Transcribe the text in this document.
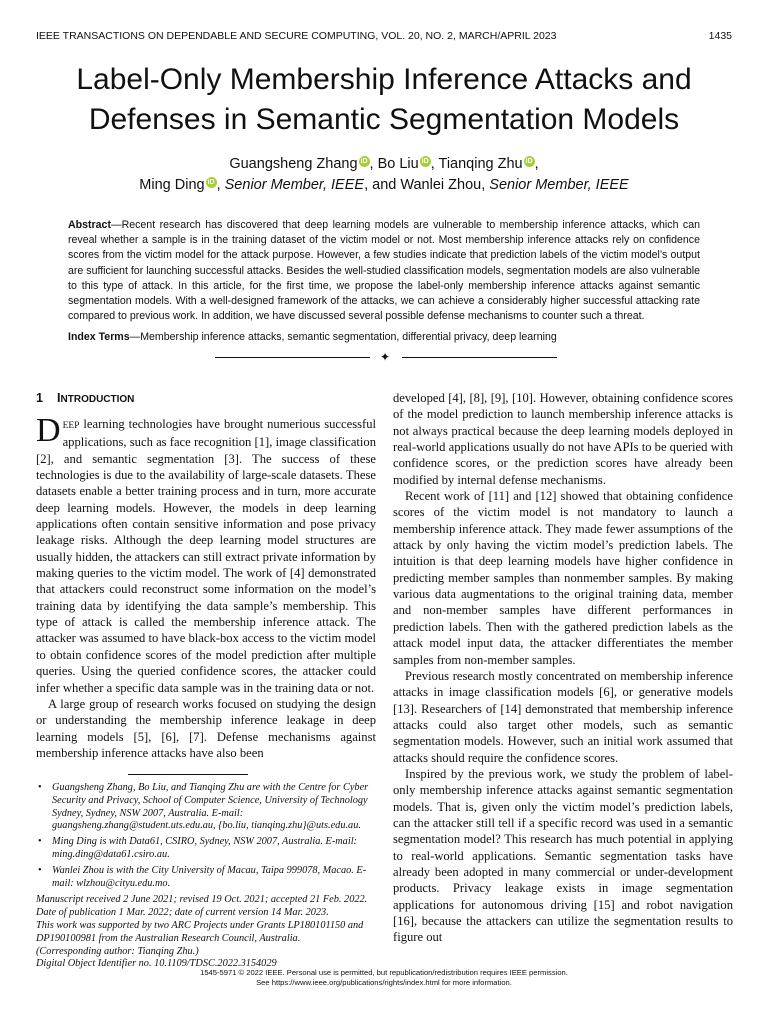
IEEE TRANSACTIONS ON DEPENDABLE AND SECURE COMPUTING, VOL. 20, NO. 2, MARCH/APRIL 2023	1435
Label-Only Membership Inference Attacks and
Defenses in Semantic Segmentation Models
Guangsheng Zhang iD , Bo Liu iD , Tianqing Zhu iD ,
Ming Ding iD , Senior Member, IEEE, and Wanlei Zhou, Senior Member, IEEE
Abstract—Recent research has discovered that deep learning models are vulnerable to membership inference attacks, which can reveal whether a sample is in the training dataset of the victim model or not. Most membership inference attacks rely on confidence scores from the victim model for the attack purpose. However, a few studies indicate that prediction labels of the victim model’s output are sufficient for launching successful attacks. Besides the well-studied classification models, segmentation models are also vulnerable to this type of attack. In this article, for the first time, we propose the label-only membership inference attacks against semantic segmentation models. With a well-designed framework of the attacks, we can achieve a considerably higher successful attacking rate compared to previous work. In addition, we have discussed several possible defense mechanisms to counter such a threat.
Index Terms—Membership inference attacks, semantic segmentation, differential privacy, deep learning
✦
1 INTRODUCTION

DEEP learning technologies have brought numerious successful applications, such as face recognition [1], image classification [2], and semantic segmentation [3]. The success of these technologies is due to the availability of large-scale datasets. These datasets enable a better training process and in turn, more accurate deep learning models. However, the models in deep learning applications often contain sensitive information and pose privacy leakage risks. Although the deep learning model structures are usually hidden, the attackers can still extract private information by making queries to the victim model. The work of [4] demonstrated that attackers could reconstruct some information on the model’s training data by identifying the data sample’s membership. This type of attack is called the membership inference attack. The attacker was assumed to have black-box access to the victim model to obtain confidence scores of the model prediction after multiple queries. Using the queried confidence scores, the attacker could infer whether a specific data sample was in the training data or not.

A large group of research works focused on studying the design or understanding the membership inference leakage in deep learning models [5], [6], [7]. Defense mechanisms against membership inference attacks have also been

• Guangsheng Zhang, Bo Liu, and Tianqing Zhu are with the Centre for Cyber Security and Privacy, School of Computer Science, University of Technology Sydney, Sydney, NSW 2007, Australia. E-mail: guangsheng.zhang@student.uts.edu.au, {bo.liu, tianqing.zhu}@uts.edu.au.
• Ming Ding is with Data61, CSIRO, Sydney, NSW 2007, Australia. E-mail: ming.ding@data61.csiro.au.
• Wanlei Zhou is with the City University of Macau, Taipa 999078, Macao. E-mail: wlzhou@cityu.edu.mo.
Manuscript received 2 June 2021; revised 19 Oct. 2021; accepted 21 Feb. 2022. Date of publication 1 Mar. 2022; date of current version 14 Mar. 2023.
This work was supported by two ARC Projects under Grants LP180101150 and DP190100981 from the Australian Research Council, Australia.
(Corresponding author: Tianqing Zhu.)
Digital Object Identifier no. 10.1109/TDSC.2022.3154029

developed [4], [8], [9], [10]. However, obtaining confidence scores of the model prediction to launch membership inference attacks is not always practical because the deep learning models deployed in real-world applications usually do not have APIs to be queried with confidence scores, or the prediction scores have already been modified by internal defense mechanisms.

Recent work of [11] and [12] showed that obtaining confidence scores of the victim model is not mandatory to launch a membership inference attack. They made fewer assumptions of the attack by only having the victim model’s prediction labels. The intuition is that deep learning models have higher confidence in predicting member samples than nonmember samples. By making various data augmentations to the original training data, member and non-member samples have different performances in prediction labels. Then with the gathered prediction labels as the attack model input data, the attacker differentiates the member samples from non-member samples.

Previous research mostly concentrated on membership inference attacks in image classification models [6], or generative models [13]. Researchers of [14] demonstrated that membership inference attacks could also target other models, such as semantic segmentation models. However, such an initial work assumed that attacks should require the confidence scores.

Inspired by the previous work, we study the problem of label-only membership inference attacks against semantic segmentation models. That is, given only the victim model’s prediction labels, can the attacker still tell if a specific record was used in a semantic segmentation model? This research has much potential in applying to real-world applications. Semantic segmentation tasks have already been adopted in many commercial or under-development products. Privacy leakage exists in image segmentation applications for autonomous driving [15] and robot navigation [16], because the attackers can utilize the segmentation results to figure out

1545-5971 © 2022 IEEE. Personal use is permitted, but republication/redistribution requires IEEE permission.
See https://www.ieee.org/publications/rights/index.html for more information.
